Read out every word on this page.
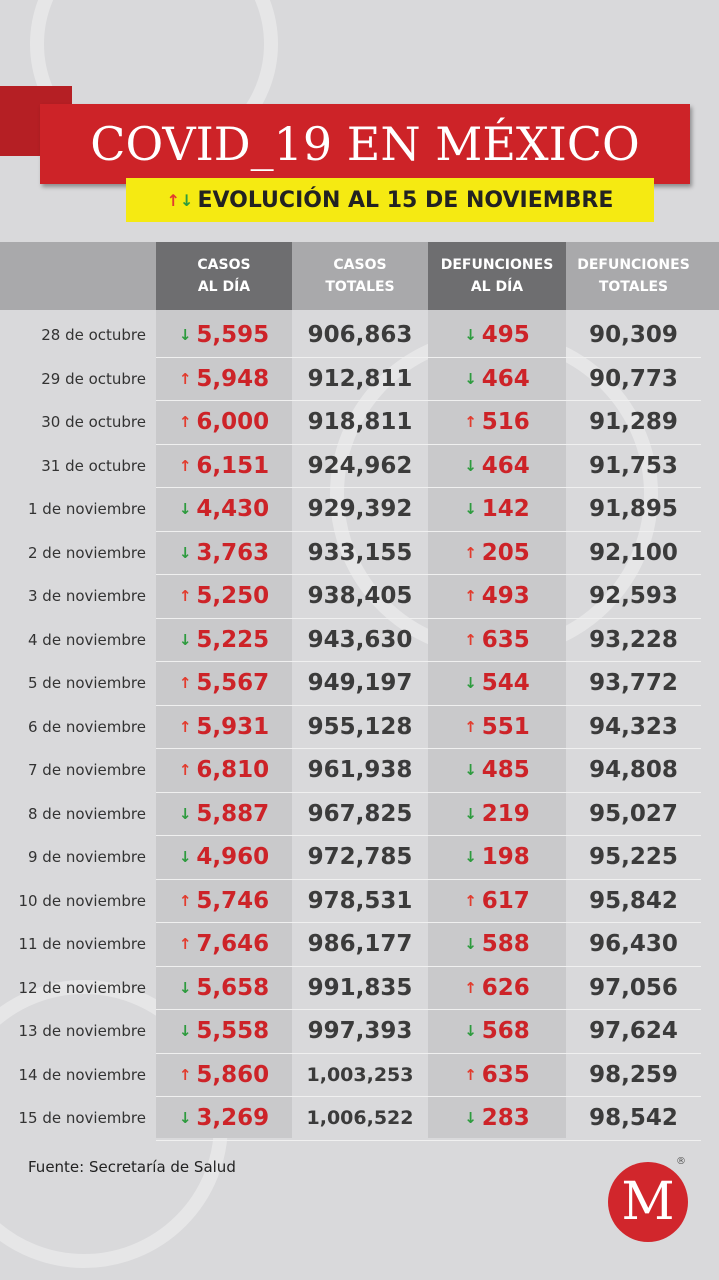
COVID_19 EN MÉXICO
↑ ↓ EVOLUCIÓN AL 15 DE NOVIEMBRE
CASOS
AL DÍA
CASOS
TOTALES
DEFUNCIONES
AL DÍA
DEFUNCIONES
TOTALES
28 de octubre	↓ 5,595	906,863	↓ 495	90,309
29 de octubre	↑ 5,948	912,811	↓ 464	90,773
30 de octubre	↑ 6,000	918,811	↑ 516	91,289
31 de octubre	↑ 6,151	924,962	↓ 464	91,753
1 de noviembre	↓ 4,430	929,392	↓ 142	91,895
2 de noviembre	↓ 3,763	933,155	↑ 205	92,100
3 de noviembre	↑ 5,250	938,405	↑ 493	92,593
4 de noviembre	↓ 5,225	943,630	↑ 635	93,228
5 de noviembre	↑ 5,567	949,197	↓ 544	93,772
6 de noviembre	↑ 5,931	955,128	↑ 551	94,323
7 de noviembre	↑ 6,810	961,938	↓ 485	94,808
8 de noviembre	↓ 5,887	967,825	↓ 219	95,027
9 de noviembre	↓ 4,960	972,785	↓ 198	95,225
10 de noviembre	↑ 5,746	978,531	↑ 617	95,842
11 de noviembre	↑ 7,646	986,177	↓ 588	96,430
12 de noviembre	↓ 5,658	991,835	↑ 626	97,056
13 de noviembre	↓ 5,558	997,393	↓ 568	97,624
14 de noviembre	↑ 5,860	1,003,253	↑ 635	98,259
15 de noviembre	↓ 3,269	1,006,522	↓ 283	98,542
Fuente: Secretaría de Salud
M
®
